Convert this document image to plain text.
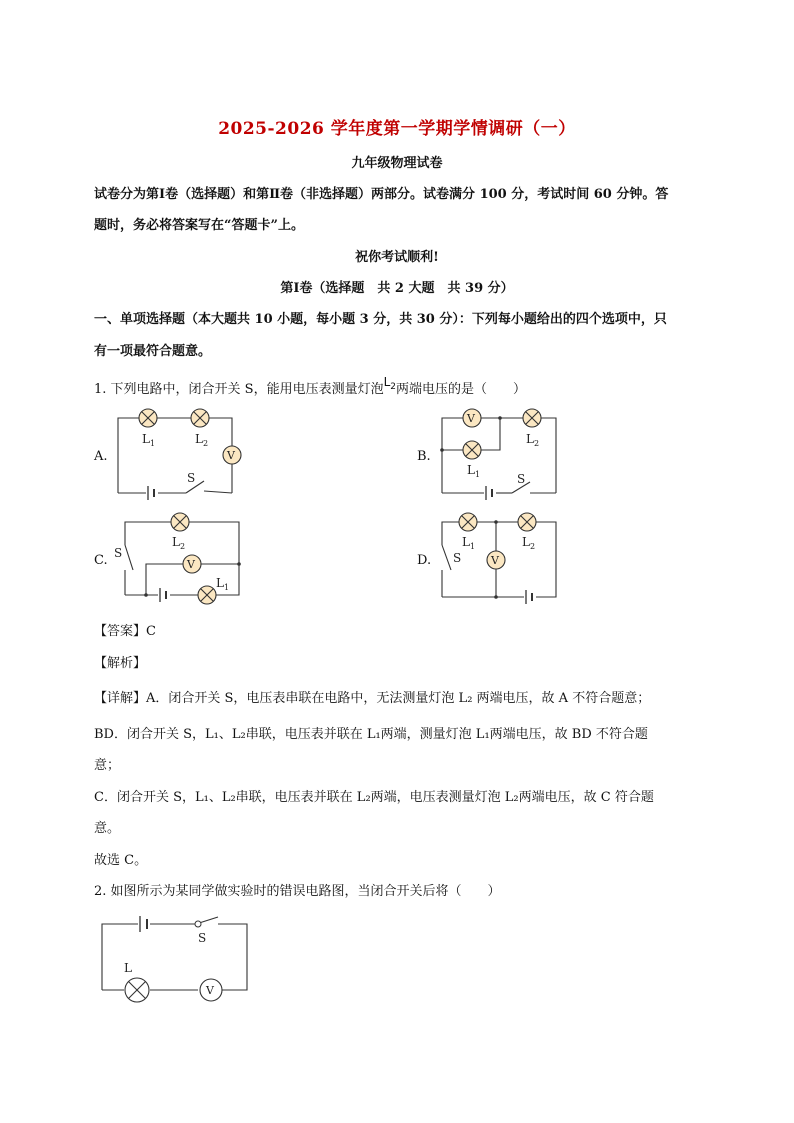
2025-2026 学年度第一学期学情调研（一）
九年级物理试卷
试卷分为第Ⅰ卷（选择题）和第Ⅱ卷（非选择题）两部分。试卷满分 100 分，考试时间 60 分钟。答
题时，务必将答案写在“答题卡”上。
祝你考试顺利!
第Ⅰ卷（选择题　共 2 大题　共 39 分）
一、单项选择题（本大题共 10 小题，每小题 3 分，共 30 分）：下列每小题给出的四个选项中，只
有一项最符合题意。
1. 下列电路中，闭合开关 S，能用电压表测量灯泡$L_2$两端电压的是（　　）
A.	B.
C.	D.
V
$L_1$	$L_2$
S
V
$L_2$
$L_1$	S
V
$L_2$
$L_1$
S
V
$L_1$	$L_2$
S
【答案】C
【解析】
【详解】A．闭合开关 S，电压表串联在电路中，无法测量灯泡 L₂ 两端电压，故 A 不符合题意；
BD．闭合开关 S，L₁、L₂串联，电压表并联在 L₁两端，测量灯泡 L₁两端电压，故 BD 不符合题
意；
C．闭合开关 S，L₁、L₂串联，电压表并联在 L₂两端，电压表测量灯泡 L₂两端电压，故 C 符合题
意。
故选 C。
2. 如图所示为某同学做实验时的错误电路图，当闭合开关后将（　　）
V
S
L
